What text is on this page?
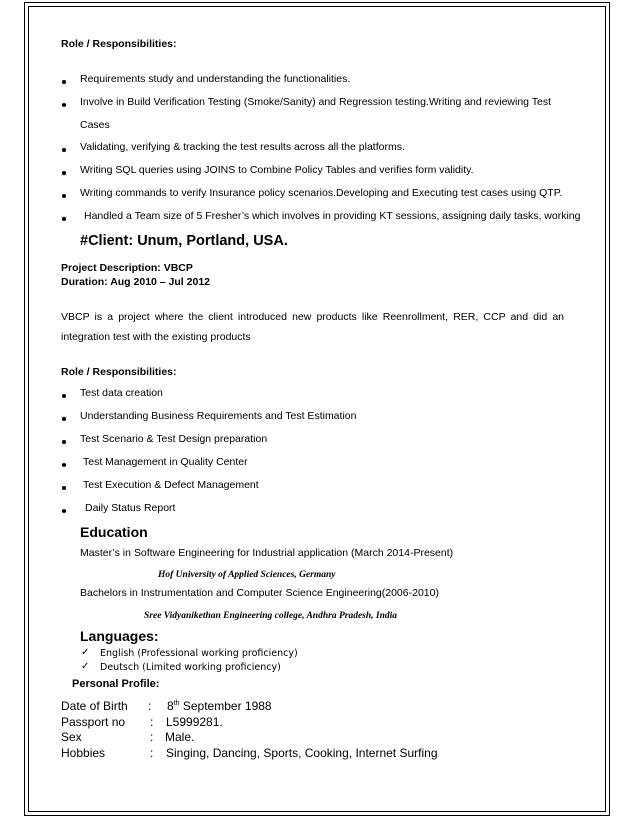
Role / Responsibilities:
Requirements study and understanding the functionalities.
Involve in Build Verification Testing (Smoke/Sanity) and Regression testing.Writing and reviewing Test
Cases
Validating, verifying & tracking the test results across all the platforms.
Writing SQL queries using JOINS to Combine Policy Tables and verifies form validity.
Writing commands to verify Insurance policy scenarios.Developing and Executing test cases using QTP.
Handled a Team size of 5 Fresher’s which involves in providing KT sessions, assigning daily tasks, working
#Client: Unum, Portland, USA.
Project Description: VBCP
Duration: Aug 2010 – Jul 2012
VBCP is a project where the client introduced new products like Reenrollment, RER, CCP and did an
integration test with the existing products
Role / Responsibilities:
Test data creation
Understanding Business Requirements and Test Estimation
Test Scenario & Test Design preparation
Test Management in Quality Center
Test Execution & Defect Management
Daily Status Report
Education
Master’s in Software Engineering for Industrial application (March 2014-Present)
Hof University of Applied Sciences, Germany
Bachelors in Instrumentation and Computer Science Engineering(2006-2010)
Sree Vidyanikethan Engineering college, Andhra Pradesh, India
Languages:
✓ English (Professional working proficiency)
✓ Deutsch (Limited working proficiency)
Personal Profile:
Date of Birth : 8th September 1988
Passport no : L5999281.
Sex	: Male.
Hobbies	: Singing, Dancing, Sports, Cooking, Internet Surfing
